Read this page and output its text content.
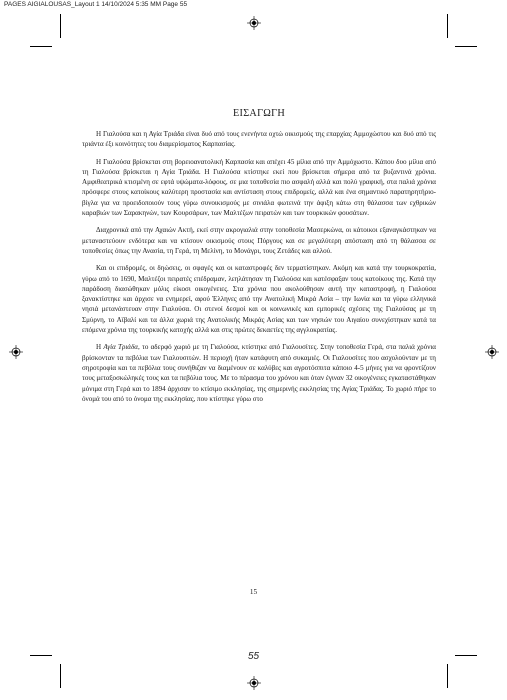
PAGES AIGIALOUSAS_Layout 1 14/10/2024 5:35 MM Page 55
ΕΙΣΑΓΩΓΗ

Η Γιαλούσα και η Αγία Τριάδα είναι δυό από τους ενενήντα οχτώ οικισμούς της επαρχίας Αμμοχώστου και δυό από τις τριάντα έξι κοινότητες του διαμερίσματος Καρπασίας.

Η Γιαλούσα βρίσκεται στη βορειοανατολική Καρπασία και απέχει 45 μίλια από την Αμμόχωστο. Κάπου δυο μίλια από τη Γιαλούσα βρίσκεται η Αγία Τριάδα. Η Γιαλούσα κτίστηκε εκεί που βρίσκεται σήμερα από τα βυζαντινά χρόνια. Αμφιθεατρικά κτισμένη σε εφτά υψώματα-λόφους, σε μια τοποθεσία πιο ασφαλή αλλά και πολύ γραφική, στα παλιά χρόνια πρόσφερε στους κατοίκους καλύτερη προστασία και αντίσταση στους επιδρομείς, αλλά και ένα σημαντικό παρατηρητήριο-βίγλα για να προειδοποιούν τους γύρω συνοικισμούς με σινιάλα φωτεινά την άφιξη κάτω στη θάλασσα των εχθρικών καραβιών των Σαρακηνών, των Κουρσάρων, των Μαλτέζων πειρατών και των τουρκικών φουσάτων.

Διαχρονικά από την Αχαιών Ακτή, εκεί στην ακρογιαλιά στην τοποθεσία Μασερκώνα, οι κάτοικοι εξαναγκάστηκαν να μεταναστεύουν ενδότερα και να κτίσουν οικισμούς στους Πύργους και σε μεγαλύτερη απόσταση από τη θάλασσα σε τοποθεσίες όπως την Ανασία, τη Γερά, τη Μελίνη, το Μονάγρι, τους Ζετάδες και αλλού.

Και οι επιδρομές, οι δηώσεις, οι σφαγές και οι καταστροφές δεν τερματίστηκαν. Ακόμη και κατά την τουρκοκρατία, γύρω από το 1690, Μαλτέζοι πειρατές επέδραμαν, λεηλάτησαν τη Γιαλούσα και κατέσφαξαν τους κατοίκους της. Κατά την παράδοση διασώθηκαν μόλις είκοσι οικογένειες. Στα χρόνια που ακολούθησαν αυτή την καταστροφή, η Γιαλούσα ξανακτίστηκε και άρχισε να ενημερεί, αφού Έλληνες από την Ανατολική Μικρά Ασία – την Ιωνία και τα γύρω ελληνικά νησιά μετανάστευαν στην Γιαλούσα. Οι στενοί δεσμοί και οι κοινωνικές και εμπορικές σχέσεις της Γιαλούσας με τη Σμύρνη, το Αϊβαλί και τα άλλα χωριά της Ανατολικής Μικράς Ασίας και των νησιών του Αιγαίου συνεχίστηκαν κατά τα επόμενα χρόνια της τουρκικής κατοχής αλλά και στις πρώτες δεκαετίες της αγγλοκρατίας.

Η Αγία Τριάδα, το αδερφό χωριό με τη Γιαλούσα, κτίστηκε από Γιαλουσίτες. Στην τοποθεσία Γερά, στα παλιά χρόνια βρίσκονταν τα πεβόλια των Γιαλουσιτών. Η περιοχή ήταν κατάφυτη από συκαμιές. Οι Γιαλουσίτες που ασχολούνταν με τη σηροτροφία και τα πεβόλια τους συνήθιζαν να διαμένουν σε καλύβες και αγροτόσπιτα κάποιο 4-5 μήνες για να φροντίζουν τους μεταξοσκώληκές τους και τα πεβόλια τους. Με το πέρασμα του χρόνου και όταν έγιναν 32 οικογένειες εγκαταστάθηκαν μόνιμα στη Γερά και το 1894 άρχισαν το κτίσιμο εκκλησίας, της σημερινής εκκλησίας της Αγίας Τριάδας. Το χωριό πήρε το όνομά του από το όνομα της εκκλησίας, που κτίστηκε γύρω στο

15
55
